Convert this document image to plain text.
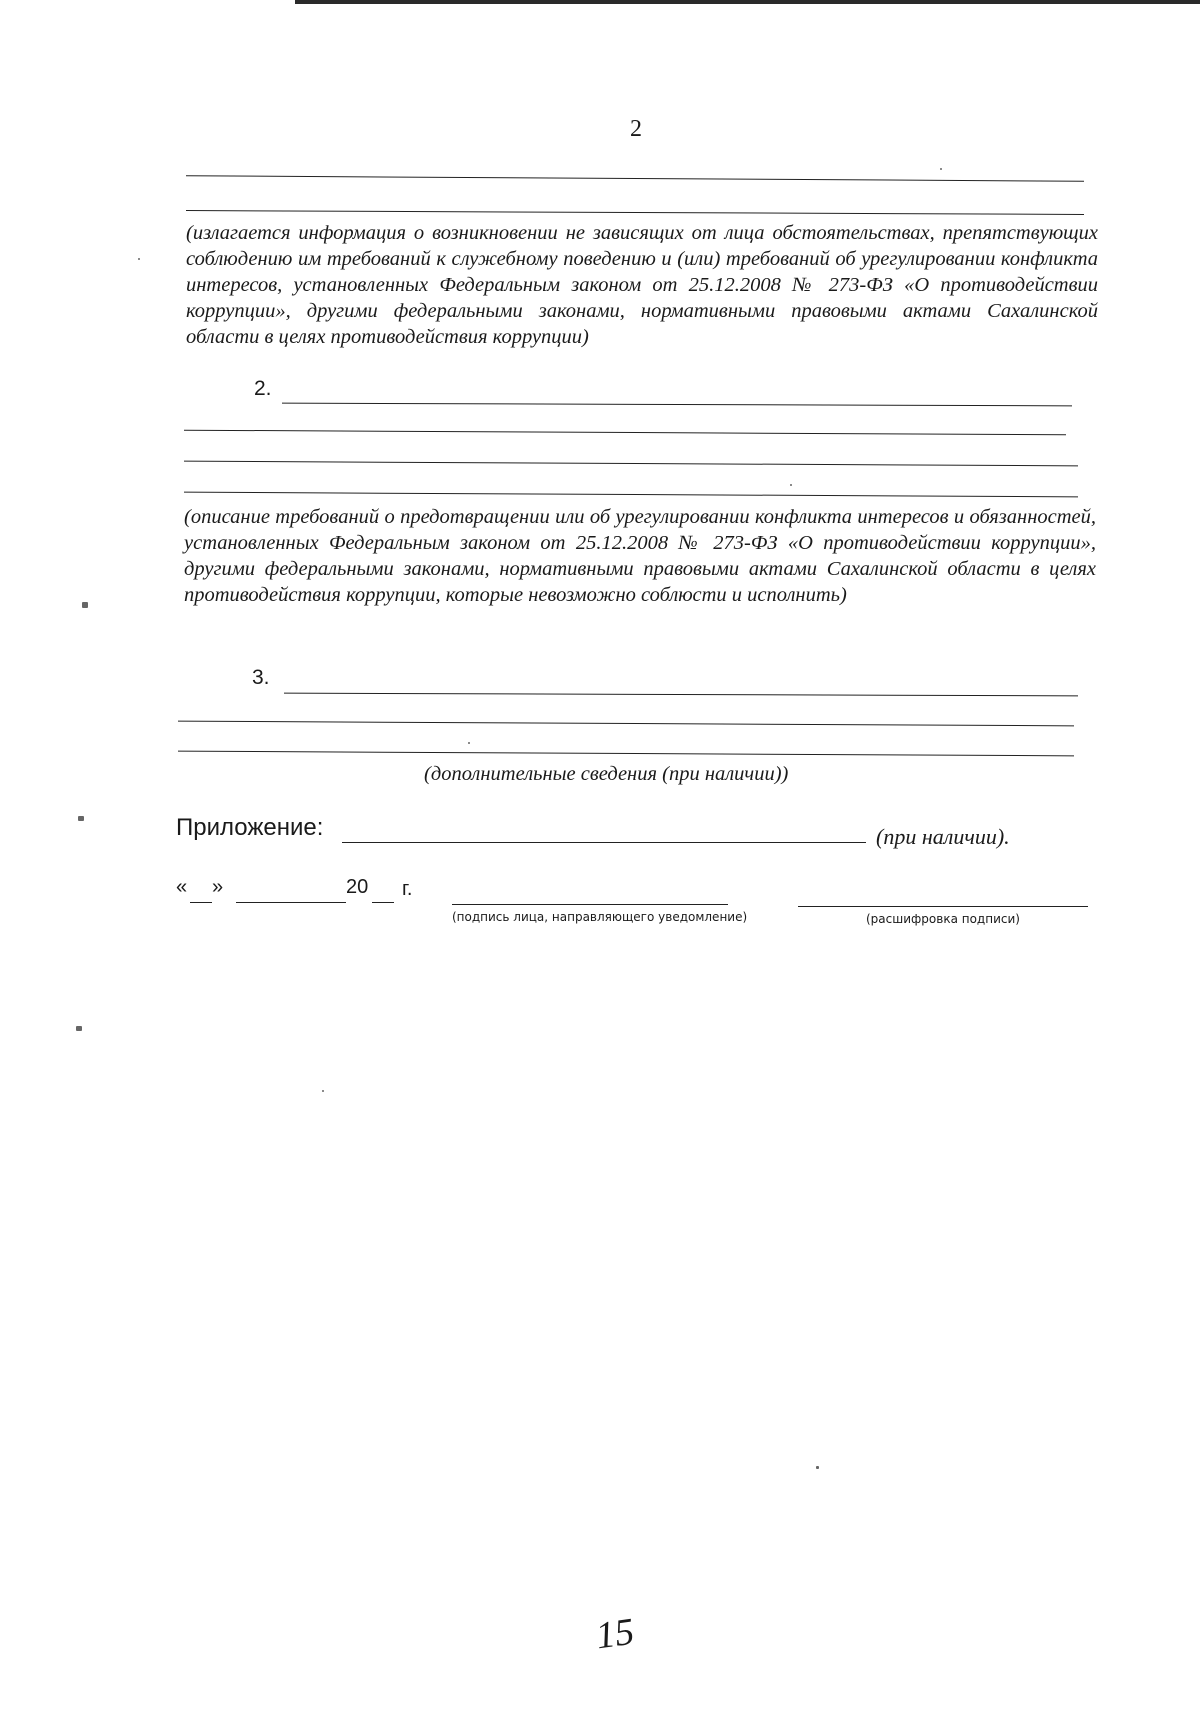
2
(излагается информация о возникновении не зависящих от лица обстоятельствах, препятствующих соблюдению им требований к служебному поведению и (или) требований об урегулировании конфликта интересов, установленных Федеральным законом от 25.12.2008 № 273-ФЗ «О противодействии коррупции», другими федеральными законами, нормативными правовыми актами Сахалинской области в целях противодействия коррупции)
2.
(описание требований о предотвращении или об урегулировании конфликта интересов и обязанностей, установленных Федеральным законом от 25.12.2008 № 273-ФЗ «О противодействии коррупции», другими федеральными законами, нормативными правовыми актами Сахалинской области в целях противодействия коррупции, которые невозможно соблюсти и исполнить)
3.
(дополнительные сведения (при наличии))
Приложение:	(при наличии).
« »	20 г.
(подпись лица, направляющего уведомление)	(расшифровка подписи)
15
